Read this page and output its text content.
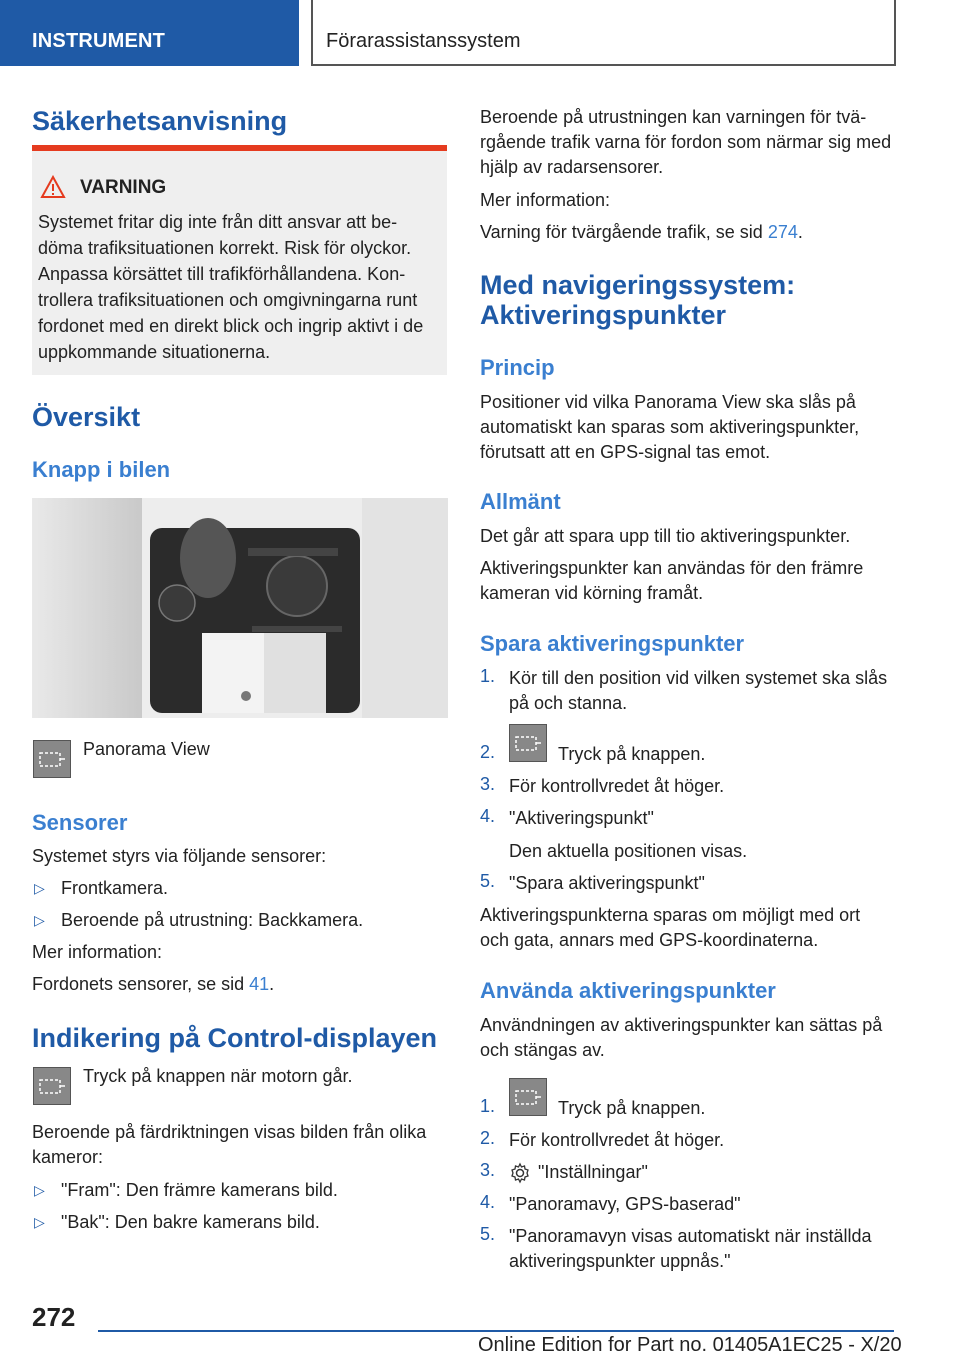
INSTRUMENT	Förarassistanssystem
Säkerhetsanvisning
VARNING
Systemet fritar dig inte från ditt ansvar att be-döma trafiksituationen korrekt. Risk för olyckor. Anpassa körsättet till trafikförhållandena. Kon-trollera trafiksituationen och omgivningarna runt fordonet med en direkt blick och ingrip aktivt i de uppkommande situationerna.
Översikt
Knapp i bilen

Panorama View

Sensorer

Systemet styrs via följande sensorer:

▷ Frontkamera.

▷ Beroende på utrustning: Backkamera.

Mer information:

Fordonets sensorer, se sid 41.

Indikering på Control-displayen

Tryck på knappen när motorn går.

Beroende på färdriktningen visas bilden från olika kameror:

▷ "Fram": Den främre kamerans bild.

▷ "Bak": Den bakre kamerans bild.

Beroende på utrustningen kan varningen för tvä-rgående trafik varna för fordon som närmar sig med hjälp av radarsensorer.

Mer information:

Varning för tvärgående trafik, se sid 274.

Med navigeringssystem:
Aktiveringspunkter
Princip

Positioner vid vilka Panorama View ska slås på automatiskt kan sparas som aktiveringspunkter, förutsatt att en GPS-signal tas emot.

Allmänt

Det går att spara upp till tio aktiveringspunkter.

Aktiveringspunkter kan användas för den främre kameran vid körning framåt.

Spara aktiveringspunkter
1. Kör till den position vid vilken systemet ska slås på och stanna.

2.	Tryck på knappen.

3. För kontrollvredet åt höger.

4. "Aktiveringspunkt"

Den aktuella positionen visas.

5. "Spara aktiveringspunkt"

Aktiveringspunkterna sparas om möjligt med ort och gata, annars med GPS-koordinaterna.

Använda aktiveringspunkter

Användningen av aktiveringspunkter kan sättas på och stängas av.

1.	Tryck på knappen.

2. För kontrollvredet åt höger.

3. "Inställningar"

4. "Panoramavy, GPS-baserad"

5. "Panoramavyn visas automatiskt när inställda aktiveringspunkter uppnås."

272
Online Edition for Part no. 01405A1EC25 - X/20
